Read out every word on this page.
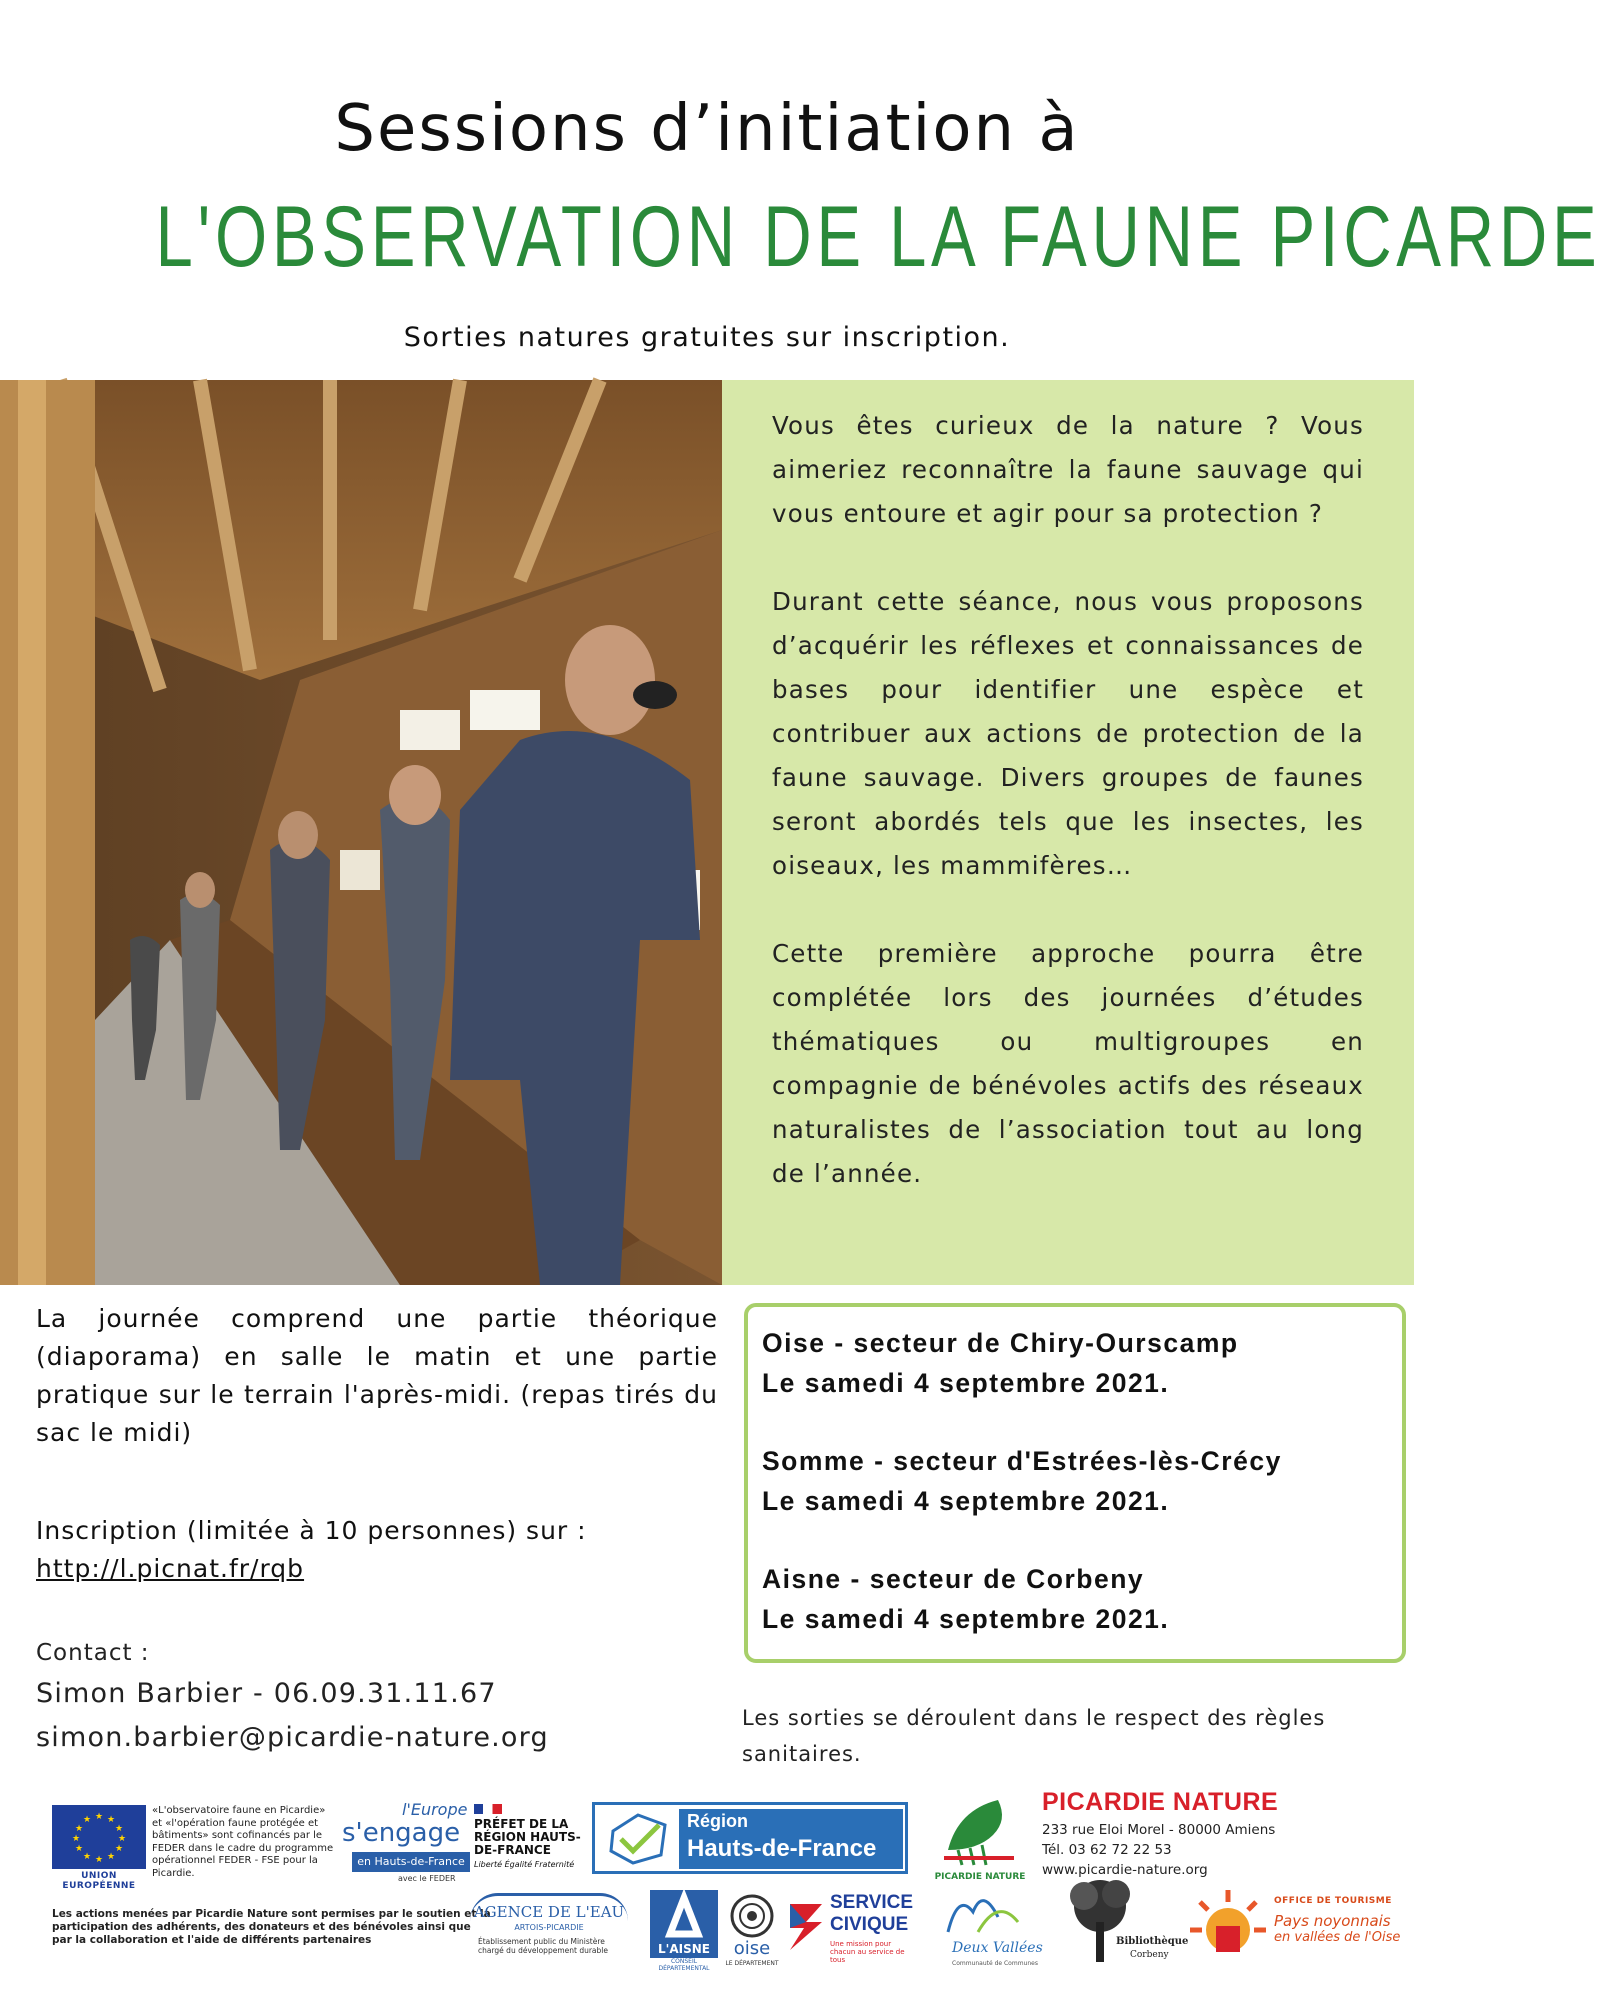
Sessions d’initiation à
L'OBSERVATION DE LA FAUNE PICARDE
Sorties natures gratuites sur inscription.

Vous êtes curieux de la nature ? Vous aimeriez reconnaître la faune sauvage qui vous entoure et agir pour sa protection ?

Durant cette séance, nous vous proposons d’acquérir les réflexes et connaissances de bases pour identifier une espèce et contribuer aux actions de protection de la faune sauvage. Divers groupes de faunes seront abordés tels que les insectes, les oiseaux, les mammifères…

Cette première approche pourra être complétée lors des journées d’études thématiques ou multigroupes en compagnie de bénévoles actifs des réseaux naturalistes de l’association tout au long de l’année.

La journée comprend une partie théorique (diaporama) en salle le matin et une partie pratique sur le terrain l'après-midi. (repas tirés du sac le midi)
Inscription (limitée à 10 personnes) sur :
http://l.picnat.fr/rqb
Contact :
Simon Barbier - 06.09.31.11.67
simon.barbier@picardie-nature.org
Oise - secteur de Chiry-Ourscamp
Le samedi 4 septembre 2021.
Somme - secteur d'Estrées-lès-Crécy
Le samedi 4 septembre 2021.
Aisne - secteur de Corbeny
Le samedi 4 septembre 2021.
Les sorties se déroulent dans le respect des règles sanitaires.
★ ★
★
★
★
★
★
★
★
★
★
★
UNION EUROPÉENNE
«L'observatoire faune en Picardie» et «l'opération faune protégée et bâtiments» sont cofinancés par le FEDER dans le cadre du programme opérationnel FEDER - FSE pour la Picardie.
l'Europe
s'engage
en Hauts-de-France
avec le FEDER
PRÉFET DE LA RÉGION HAUTS-DE-FRANCE
Liberté Égalité Fraternité
Région
Hauts-de-France
Les actions menées par Picardie Nature sont permises par le soutien et la participation des adhérents, des donateurs et des bénévoles ainsi que par la collaboration et l'aide de différents partenaires
AGENCE DE L'EAU
ARTOIS-PICARDIE
Établissement public du Ministère chargé du développement durable	L'AISNE
CONSEIL DÉPARTEMENTAL
oise
LE DÉPARTEMENT
SERVICE
CIVIQUE
Une mission pour chacun au service de tous
PICARDIE NATURE
PICARDIE NATURE
233 rue Eloi Morel - 80000 Amiens
Tél. 03 62 72 22 53
www.picardie-nature.org
Deux Vallées
Communauté de Communes
Bibliothèque
Corbeny
OFFICE DE TOURISME
Pays noyonnais
en vallées de l'Oise
